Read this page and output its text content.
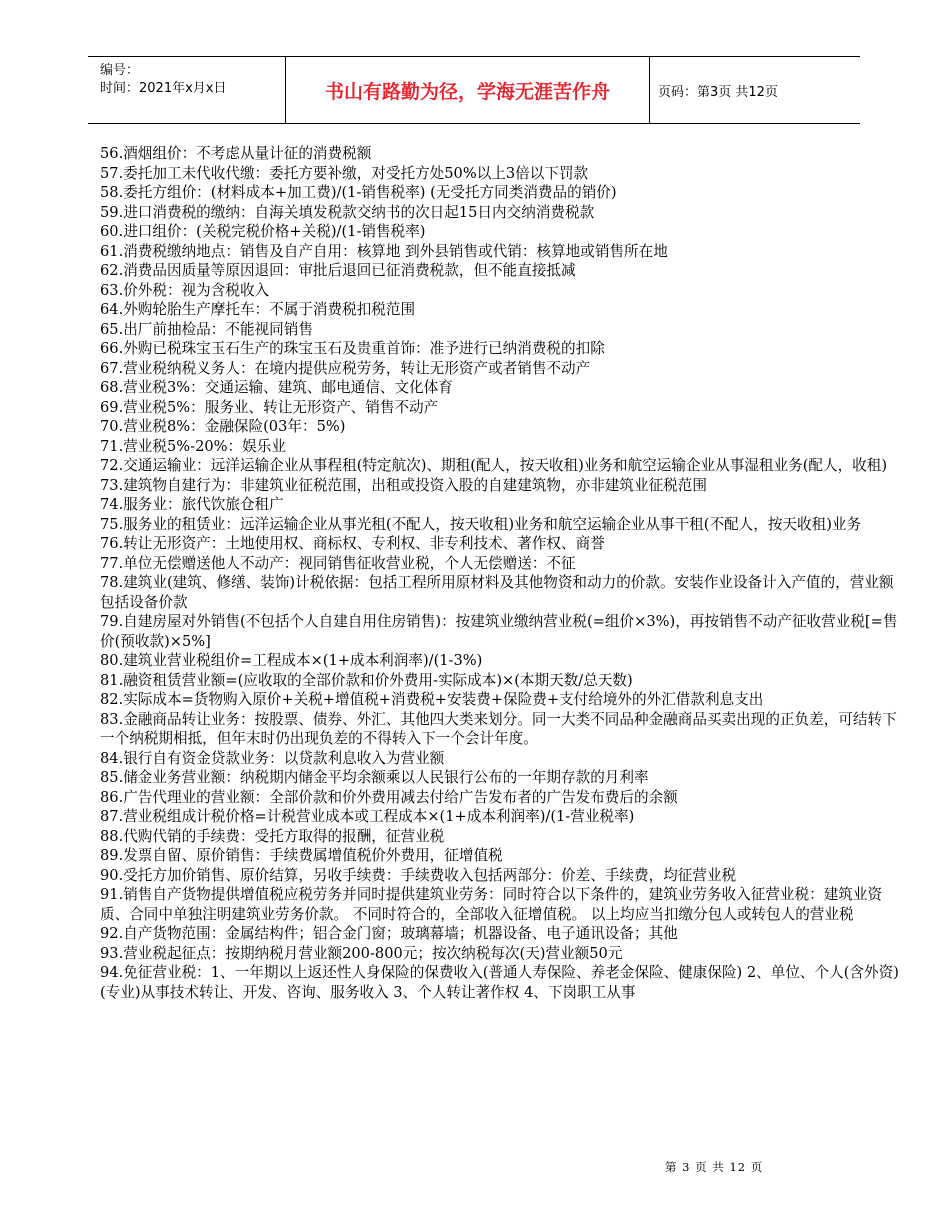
编号：
时间：2021年x月x日	书山有路勤为径，学海无涯苦作舟	页码：第3页 共12页
56.酒烟组价：不考虑从量计征的消费税额
57.委托加工未代收代缴：委托方要补缴，对受托方处50%以上3倍以下罚款
58.委托方组价：(材料成本+加工费)/(1-销售税率) (无受托方同类消费品的销价)
59.进口消费税的缴纳：自海关填发税款交纳书的次日起15日内交纳消费税款
60.进口组价：(关税完税价格+关税)/(1-销售税率)
61.消费税缴纳地点：销售及自产自用：核算地 到外县销售或代销：核算地或销售所在地
62.消费品因质量等原因退回：审批后退回已征消费税款，但不能直接抵减
63.价外税：视为含税收入
64.外购轮胎生产摩托车：不属于消费税扣税范围
65.出厂前抽检品：不能视同销售
66.外购已税珠宝玉石生产的珠宝玉石及贵重首饰：准予进行已纳消费税的扣除
67.营业税纳税义务人：在境内提供应税劳务，转让无形资产或者销售不动产
68.营业税3%：交通运输、建筑、邮电通信、文化体育
69.营业税5%：服务业、转让无形资产、销售不动产
70.营业税8%：金融保险(03年：5%)
71.营业税5%-20%：娱乐业
72.交通运输业：远洋运输企业从事程租(特定航次)、期租(配人，按天收租)业务和航空运输企业从事湿租业务(配人，收租)
73.建筑物自建行为：非建筑业征税范围，出租或投资入股的自建建筑物，亦非建筑业征税范围
74.服务业：旅代饮旅仓租广
75.服务业的租赁业：远洋运输企业从事光租(不配人，按天收租)业务和航空运输企业从事干租(不配人，按天收租)业务
76.转让无形资产：土地使用权、商标权、专利权、非专利技术、著作权、商誉
77.单位无偿赠送他人不动产：视同销售征收营业税，个人无偿赠送：不征
78.建筑业(建筑、修缮、装饰)计税依据：包括工程所用原材料及其他物资和动力的价款。安装作业设备计入产值的，营业额包括设备价款
79.自建房屋对外销售(不包括个人自建自用住房销售)：按建筑业缴纳营业税(=组价×3%)，再按销售不动产征收营业税[=售价(预收款)×5%]
80.建筑业营业税组价=工程成本×(1+成本利润率)/(1-3%)
81.融资租赁营业额=(应收取的全部价款和价外费用-实际成本)×(本期天数/总天数)
82.实际成本=货物购入原价+关税+增值税+消费税+安装费+保险费+支付给境外的外汇借款利息支出
83.金融商品转让业务：按股票、债券、外汇、其他四大类来划分。同一大类不同品种金融商品买卖出现的正负差，可结转下一个纳税期相抵，但年末时仍出现负差的不得转入下一个会计年度。
84.银行自有资金贷款业务：以贷款利息收入为营业额
85.储金业务营业额：纳税期内储金平均余额乘以人民银行公布的一年期存款的月利率
86.广告代理业的营业额：全部价款和价外费用减去付给广告发布者的广告发布费后的余额
87.营业税组成计税价格=计税营业成本或工程成本×(1+成本利润率)/(1-营业税率)
88.代购代销的手续费：受托方取得的报酬，征营业税
89.发票自留、原价销售：手续费属增值税价外费用，征增值税
90.受托方加价销售、原价结算，另收手续费：手续费收入包括两部分：价差、手续费，均征营业税
91.销售自产货物提供增值税应税劳务并同时提供建筑业劳务：同时符合以下条件的，建筑业劳务收入征营业税：建筑业资质、合同中单独注明建筑业劳务价款。 不同时符合的，全部收入征增值税。 以上均应当扣缴分包人或转包人的营业税
92.自产货物范围：金属结构件；铝合金门窗；玻璃幕墙；机器设备、电子通讯设备；其他
93.营业税起征点：按期纳税月营业额200-800元；按次纳税每次(天)营业额50元
94.免征营业税：1、一年期以上返还性人身保险的保费收入(普通人寿保险、养老金保险、健康保险) 2、单位、个人(含外资)(专业)从事技术转让、开发、咨询、服务收入 3、个人转让著作权 4、下岗职工从事
第 3 页 共 12 页
